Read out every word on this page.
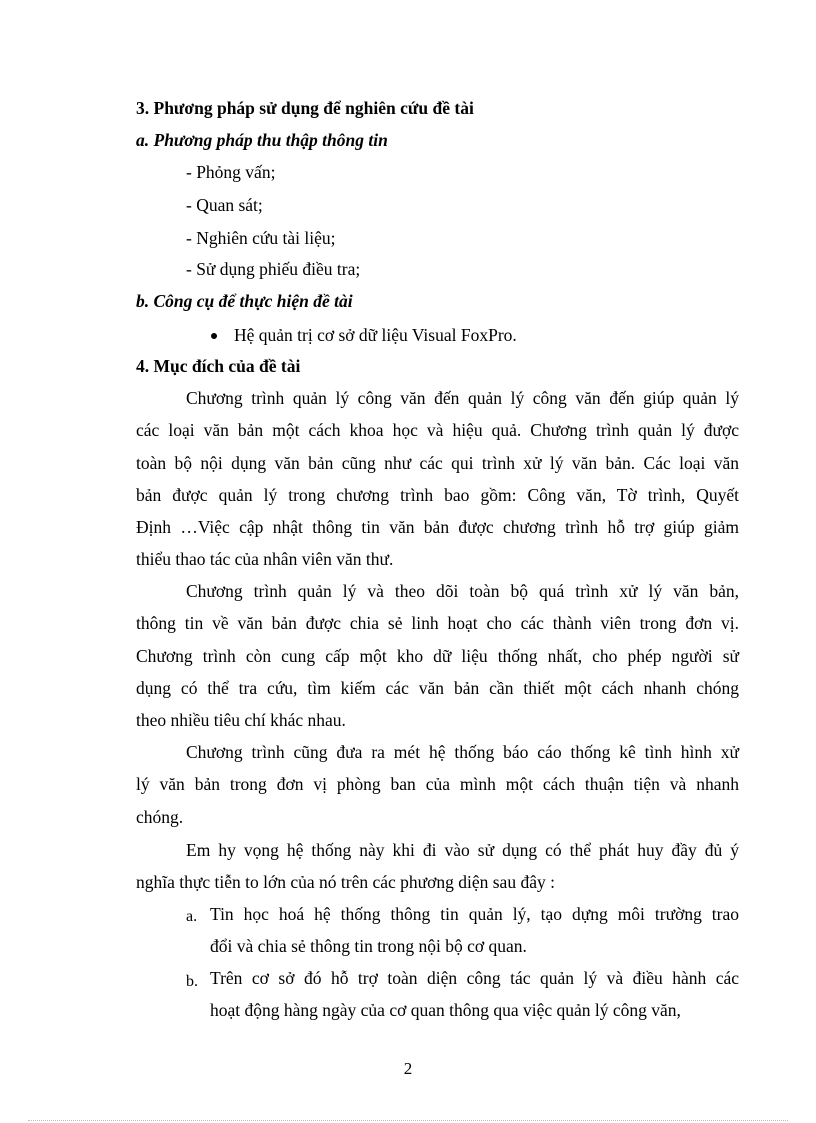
3. Phương pháp sử dụng để nghiên cứu đề tài
a. Phương pháp thu thập thông tin
- Phỏng vấn;
- Quan sát;
- Nghiên cứu tài liệu;
- Sử dụng phiếu điều tra;
b. Công cụ để thực hiện đề tài
Hệ quản trị cơ sở dữ liệu Visual FoxPro.
4. Mục đích của đề tài
Chương trình quản lý công văn đến quản lý công văn đến giúp quản lý
các loại văn bản một cách khoa học và hiệu quả. Chương trình quản lý được
toàn bộ nội dụng văn bản cũng như các qui trình xử lý văn bản. Các loại văn
bản được quản lý trong chương trình bao gồm: Công văn, Tờ trình, Quyết
Định …Việc cập nhật thông tin văn bản được chương trình hỗ trợ giúp giảm
thiểu thao tác của nhân viên văn thư.
Chương trình quản lý và theo dõi toàn bộ quá trình xử lý văn bản,
thông tin về văn bản được chia sẻ linh hoạt cho các thành viên trong đơn vị.
Chương trình còn cung cấp một kho dữ liệu thống nhất, cho phép người sử
dụng có thể tra cứu, tìm kiếm các văn bản cần thiết một cách nhanh chóng
theo nhiều tiêu chí khác nhau.
Chương trình cũng đưa ra mét hệ thống báo cáo thống kê tình hình xử
lý văn bản trong đơn vị phòng ban của mình một cách thuận tiện và nhanh
chóng.
Em hy vọng hệ thống này khi đi vào sử dụng có thể phát huy đầy đủ ý
nghĩa thực tiễn to lớn của nó trên các phương diện sau đây :
a. Tin học hoá hệ thống thông tin quản lý, tạo dựng môi trường trao
đổi và chia sẻ thông tin trong nội bộ cơ quan.
b. Trên cơ sở đó hỗ trợ toàn diện công tác quản lý và điều hành các
hoạt động hàng ngày của cơ quan thông qua việc quản lý công văn,
2
